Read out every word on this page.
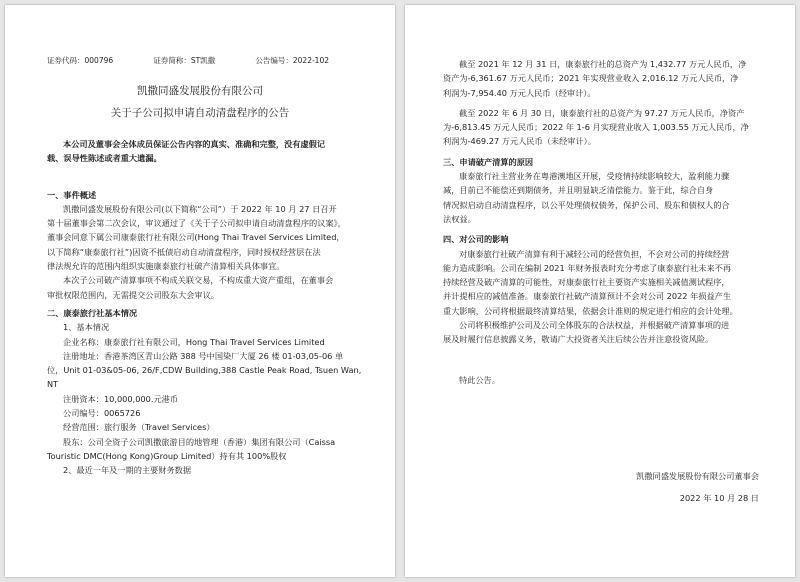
证券代码：000796	证券简称：ST凯撒	公告编号：2022-102
凯撒同盛发展股份有限公司
关于子公司拟申请自动清盘程序的公告
本公司及董事会全体成员保证公告内容的真实、准确和完整，没有虚假记
载、误导性陈述或者重大遗漏。
一、事件概述
凯撒同盛发展股份有限公司(以下简称“公司”）于 2022 年 10 月 27 日召开
第十届董事会第二次会议，审议通过了《关于子公司拟申请自动清盘程序的议案》，
董事会同意下属公司康泰旅行社有限公司(Hong Thai Travel Services Limited，
以下简称“康泰旅行社”)因资不抵债启动自动清盘程序，同时授权经营层在法
律法规允许的范围内组织实施康泰旅行社破产清算相关具体事宜。
本次子公司破产清算事项不构成关联交易，不构成重大资产重组，在董事会
审批权限范围内，无需提交公司股东大会审议。
二、康泰旅行社基本情况
1、基本情况
企业名称：康泰旅行社有限公司，Hong Thai Travel Services Limited
注册地址：香港茶湾区青山公路 388 号中国染厂大厦 26 楼 01-03,05-06 单
位，Unit 01-03&05-06, 26/F,CDW Building,388 Castle Peak Road, Tsuen Wan,
NT
注册资本：10,000,000.元港币
公司编号：0065726
经营范围：旅行服务（Travel Services）
股东：公司全资子公司凯撒旅游目的地管理（香港）集团有限公司（Caissa
Touristic DMC(Hong Kong)Group Limited）持有其 100%股权
2、最近一年及一期的主要财务数据
截至 2021 年 12 月 31 日，康泰旅行社的总资产为 1,432.77 万元人民币，净
资产为-6,361.67 万元人民币；2021 年实现营业收入 2,016.12 万元人民币，净
利润为-7,954.40 万元人民币（经审计）。
截至 2022 年 6 月 30 日，康泰旅行社的总资产为 97.27 万元人民币，净资产
为-6,813.45 万元人民币；2022 年 1-6 月实现营业收入 1,003.55 万元人民币，净
利润为-469.27 万元人民币（未经审计）。
三、申请破产清算的原因
康泰旅行社主营业务在粤港澳地区开展，受疫情持续影响较大，盈利能力骤
减，目前已不能偿还到期债务，并且明显缺乏清偿能力。鉴于此，综合自身
情况拟启动自动清盘程序，以公平处理债权债务，保护公司、股东和债权人的合
法权益。
四、对公司的影响
对康泰旅行社破产清算有利于减轻公司的经营负担，不会对公司的持续经营
能力造成影响。公司在编制 2021 年财务报表时充分考虑了康泰旅行社未来不再
持续经营及破产清算的可能性，对康泰旅行社主要资产实施相关减值测试程序，
并计提相应的减值准备。康泰旅行社破产清算预计不会对公司 2022 年损益产生
重大影响，公司将根据最终清算结果，依据会计准则的规定进行相应的会计处理。
公司将积极维护公司及公司全体股东的合法权益，并根据破产清算事项的进
展及时履行信息披露义务，敬请广大投资者关注后续公告并注意投资风险。
特此公告。
凯撒同盛发展股份有限公司董事会
2022 年 10 月 28 日
